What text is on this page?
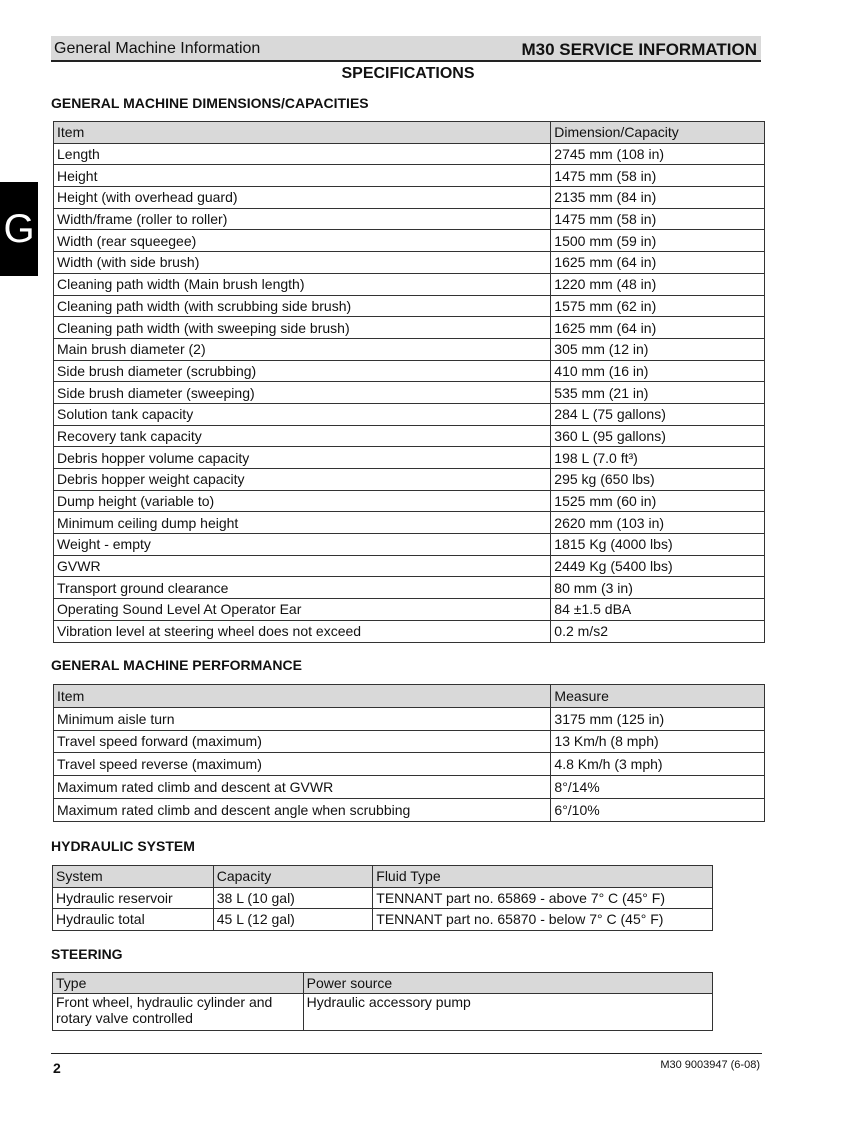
General Machine Information	M30 SERVICE INFORMATION
G
SPECIFICATIONS
GENERAL MACHINE DIMENSIONS/CAPACITIES
Item	Dimension/Capacity
Length	2745 mm (108 in)
Height	1475 mm (58 in)
Height (with overhead guard)	2135 mm (84 in)
Width/frame (roller to roller)	1475 mm (58 in)
Width (rear squeegee)	1500 mm (59 in)
Width (with side brush)	1625 mm (64 in)
Cleaning path width (Main brush length)	1220 mm (48 in)
Cleaning path width (with scrubbing side brush)	1575 mm (62 in)
Cleaning path width (with sweeping side brush)	1625 mm (64 in)
Main brush diameter (2)	305 mm (12 in)
Side brush diameter (scrubbing)	410 mm (16 in)
Side brush diameter (sweeping)	535 mm (21 in)
Solution tank capacity	284 L (75 gallons)
Recovery tank capacity	360 L (95 gallons)
Debris hopper volume capacity	198 L (7.0 ft³)
Debris hopper weight capacity	295 kg (650 lbs)
Dump height (variable to)	1525 mm (60 in)
Minimum ceiling dump height	2620 mm (103 in)
Weight - empty	1815 Kg (4000 lbs)
GVWR	2449 Kg (5400 lbs)
Transport ground clearance	80 mm (3 in)
Operating Sound Level At Operator Ear	84 ±1.5 dBA
Vibration level at steering wheel does not exceed	0.2 m/s2
GENERAL MACHINE PERFORMANCE
Item	Measure
Minimum aisle turn	3175 mm (125 in)
Travel speed forward (maximum)	13 Km/h (8 mph)
Travel speed reverse (maximum)	4.8 Km/h (3 mph)
Maximum rated climb and descent at GVWR	8°/14%
Maximum rated climb and descent angle when scrubbing	6°/10%
HYDRAULIC SYSTEM
System	Capacity	Fluid Type
Hydraulic reservoir	38 L (10 gal)	TENNANT part no. 65869 - above 7° C (45° F)
Hydraulic total	45 L (12 gal)	TENNANT part no. 65870 - below 7° C (45° F)
STEERING
Type	Power source
Front wheel, hydraulic cylinder and rotary valve controlled	Hydraulic accessory pump
2	M30 9003947 (6-08)
